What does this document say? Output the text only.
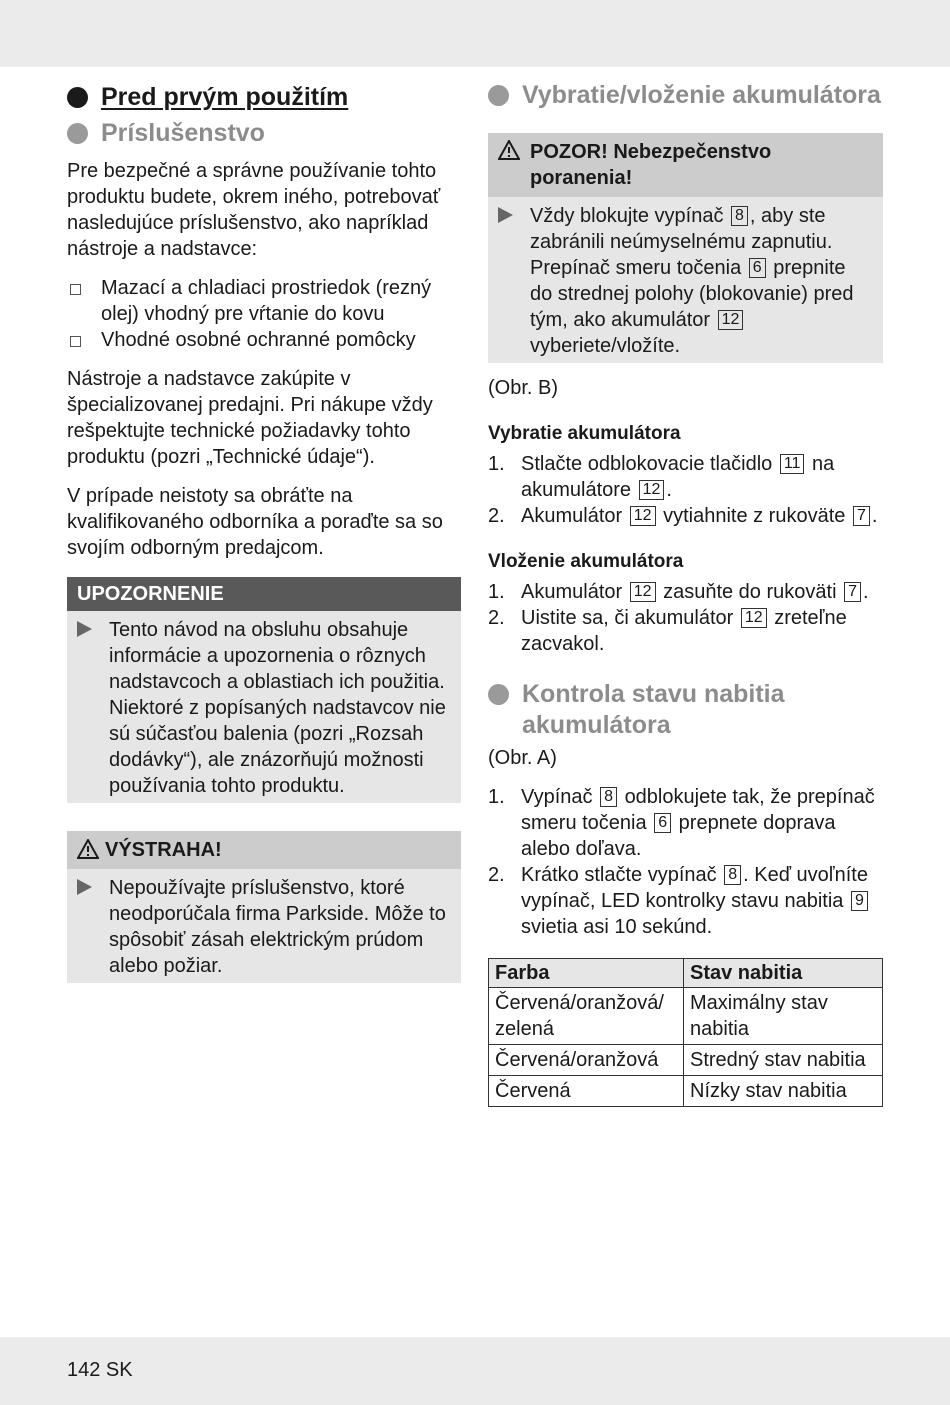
Pred prvým použitím
Príslušenstvo

Pre bezpečné a správne používanie tohto produktu budete, okrem iného, potrebovať nasledujúce príslušenstvo, ako napríklad nástroje a nadstavce:

Mazací a chladiaci prostriedok (rezný olej) vhodný pre vŕtanie do kovu
Vhodné osobné ochranné pomôcky

Nástroje a nadstavce zakúpite v špecializovanej predajni. Pri nákupe vždy rešpektujte technické požiadavky tohto produktu (pozri „Technické údaje“).

V prípade neistoty sa obráťte na kvalifikovaného odborníka a poraďte sa so svojím odborným predajcom.

UPOZORNENIE
Tento návod na obsluhu obsahuje informácie a upozornenia o rôznych nadstavcoch a oblastiach ich použitia. Niektoré z popísaných nadstavcov nie sú súčasťou balenia (pozri „Rozsah dodávky“), ale znázorňujú možnosti používania tohto produktu.
VÝSTRAHA!
Nepoužívajte príslušenstvo, ktoré neodporúčala firma Parkside. Môže to spôsobiť zásah elektrickým prúdom alebo požiar.
Vybratie/vloženie akumulátora
POZOR! Nebezpečenstvo poranenia!
Vždy blokujte vypínač 8 , aby ste zabránili neúmyselnému zapnutiu. Prepínač smeru točenia 6 prepnite do strednej polohy (blokovanie) pred tým, ako akumulátor 12 vyberiete/vložíte.

(Obr. B)

Vybratie akumulátora

1. Stlačte odblokovacie tlačidlo 11 na akumulátore 12 .
2. Akumulátor 12 vytiahnite z rukoväte 7 .

Vloženie akumulátora

1. Akumulátor 12 zasuňte do rukoväti 7 .
2. Uistite sa, či akumulátor 12 zreteľne zacvakol.
Kontrola stavu nabitia akumulátora

(Obr. A)

1. Vypínač 8 odblokujete tak, že prepínač smeru točenia 6 prepnete doprava alebo doľava.
2. Krátko stlačte vypínač 8 . Keď uvoľníte vypínač, LED kontrolky stavu nabitia 9 svietia asi 10 sekúnd.
Farba	Stav nabitia
Červená/oranžová/ zelená	Maximálny stav nabitia
Červená/oranžová	Stredný stav nabitia
Červená	Nízky stav nabitia
142 SK
